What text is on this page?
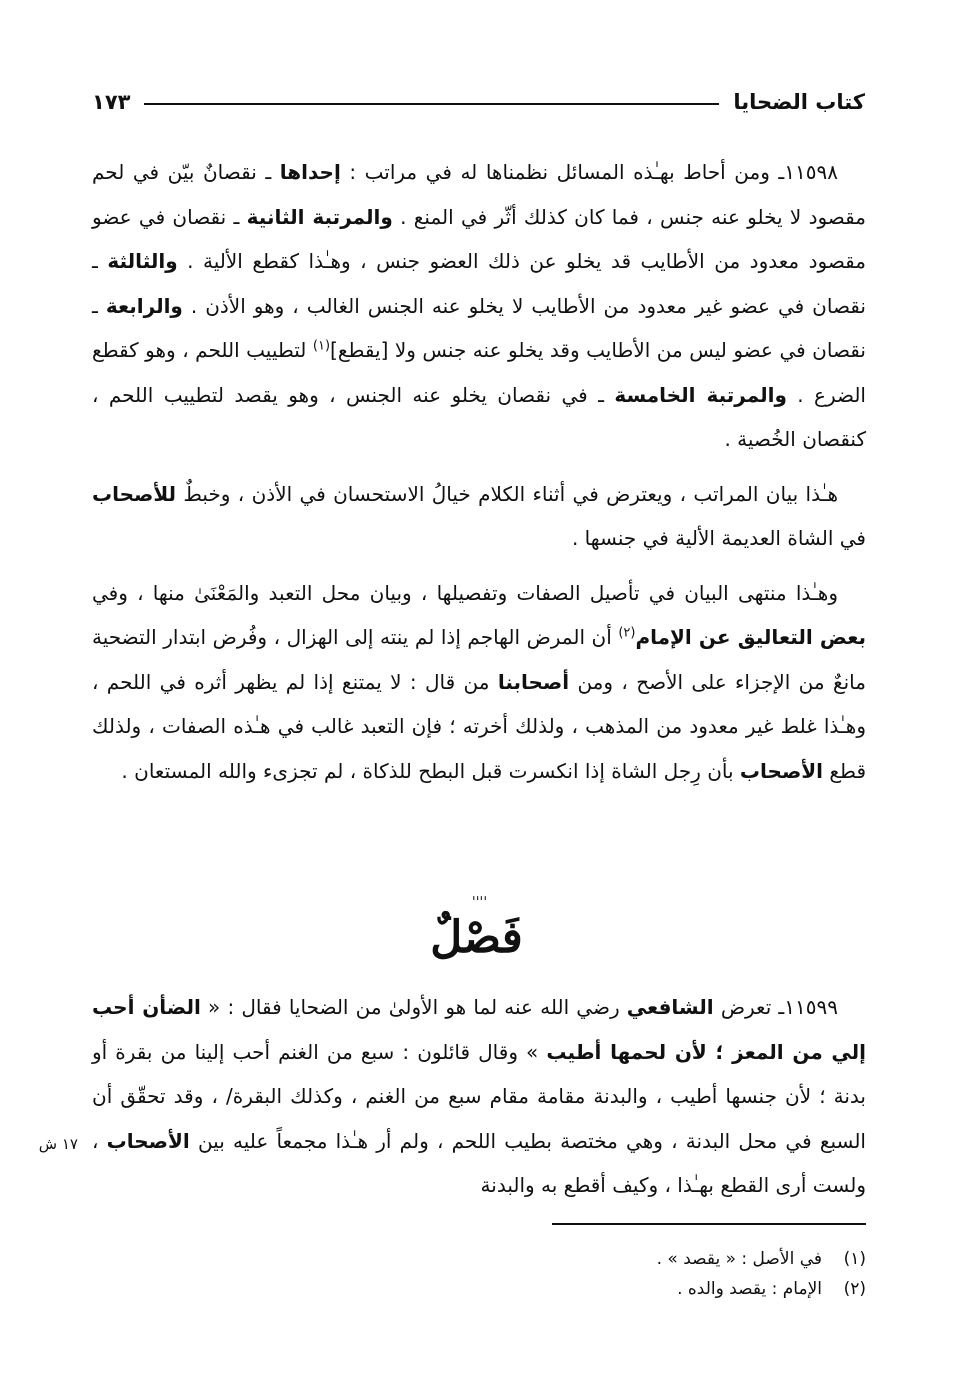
كتاب الضحايا
١٧٣

١١٥٩٨ـ ومن أحاط بهـٰذه المسائل نظمناها له في مراتب : إحداها ـ نقصانٌ بيّن في لحم مقصود لا يخلو عنه جنس ، فما كان كذلك أثّر في المنع . والمرتبة الثانية ـ نقصان في عضو مقصود معدود من الأطايب قد يخلو عن ذلك العضو جنس ، وهـٰذا كقطع الألية . والثالثة ـ نقصان في عضو غير معدود من الأطايب لا يخلو عنه الجنس الغالب ، وهو الأذن . والرابعة ـ نقصان في عضو ليس من الأطايب وقد يخلو عنه جنس ولا [يقطع]$^{(١)}$ لتطييب اللحم ، وهو كقطع الضرع . والمرتبة الخامسة ـ في نقصان يخلو عنه الجنس ، وهو يقصد لتطييب اللحم ، كنقصان الخُصية .

هـٰذا بيان المراتب ، ويعترض في أثناء الكلام خيالُ الاستحسان في الأذن ، وخبطٌ للأصحاب في الشاة العديمة الألية في جنسها .

وهـٰذا منتهى البيان في تأصيل الصفات وتفصيلها ، وبيان محل التعبد والمَعْنَىٰ منها ، وفي بعض التعاليق عن الإمام$^{(٢)}$ أن المرض الهاجم إذا لم ينته إلى الهزال ، وفُرض ابتدار التضحية مانعٌ من الإجزاء على الأصح ، ومن أصحابنا من قال : لا يمتنع إذا لم يظهر أثره في اللحم ، وهـٰذا غلط غير معدود من المذهب ، ولذلك أخرته ؛ فإن التعبد غالب في هـٰذه الصفات ، ولذلك قطع الأصحاب بأن رِجل الشاة إذا انكسرت قبل البطح للذكاة ، لم تجزىء والله المستعان .

ٰ ٰ ٰ ٰ
فَصْلٌ

١١٥٩٩ـ تعرض الشافعي رضي الله عنه لما هو الأولىٰ من الضحايا فقال : « الضأن أحب إلي من المعز ؛ لأن لحمها أطيب » وقال قائلون : سبع من الغنم أحب إلينا من بقرة أو بدنة ؛ لأن جنسها أطيب ، والبدنة مقامة مقام سبع من الغنم ، وكذلك البقرة/ ، وقد تحقّق أن السبع في محل البدنة ، وهي مختصة بطيب اللحم ، ولم أر هـٰذا مجمعاً عليه بين الأصحاب ، ولست أرى القطع بهـٰذا ، وكيف أقطع به والبدنة

١٧ ش
(١)
في الأصل : « يقصد » .
(٢)
الإمام : يقصد والده .
